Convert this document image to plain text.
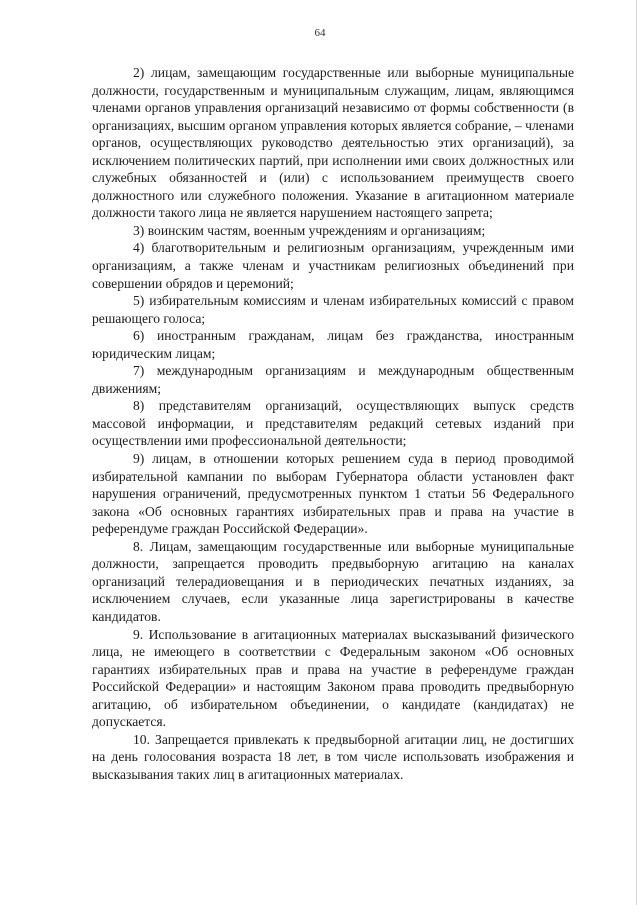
64

2) лицам, замещающим государственные или выборные муниципальные должности, государственным и муниципальным служащим, лицам, являющимся членами органов управления организаций независимо от формы собственности (в организациях, высшим органом управления которых является собрание, – членами органов, осуществляющих руководство деятельностью этих организаций), за исключением политических партий, при исполнении ими своих должностных или служебных обязанностей и (или) с использованием преимуществ своего должностного или служебного положения. Указание в агитационном материале должности такого лица не является нарушением настоящего запрета;

3) воинским частям, военным учреждениям и организациям;

4) благотворительным и религиозным организациям, учрежденным ими организациям, а также членам и участникам религиозных объединений при совершении обрядов и церемоний;

5) избирательным комиссиям и членам избирательных комиссий с правом решающего голоса;

6) иностранным гражданам, лицам без гражданства, иностранным юридическим лицам;

7) международным организациям и международным общественным движениям;

8) представителям организаций, осуществляющих выпуск средств массовой информации, и представителям редакций сетевых изданий при осуществлении ими профессиональной деятельности;

9) лицам, в отношении которых решением суда в период проводимой избирательной кампании по выборам Губернатора области установлен факт нарушения ограничений, предусмотренных пунктом 1 статьи 56 Федерального закона «Об основных гарантиях избирательных прав и права на участие в референдуме граждан Российской Федерации».

8. Лицам, замещающим государственные или выборные муниципальные должности, запрещается проводить предвыборную агитацию на каналах организаций телерадиовещания и в периодических печатных изданиях, за исключением случаев, если указанные лица зарегистрированы в качестве кандидатов.

9. Использование в агитационных материалах высказываний физического лица, не имеющего в соответствии с Федеральным законом «Об основных гарантиях избирательных прав и права на участие в референдуме граждан Российской Федерации» и настоящим Законом права проводить предвыборную агитацию, об избирательном объединении, о кандидате (кандидатах) не допускается.

10. Запрещается привлекать к предвыборной агитации лиц, не достигших на день голосования возраста 18 лет, в том числе использовать изображения и высказывания таких лиц в агитационных материалах.
